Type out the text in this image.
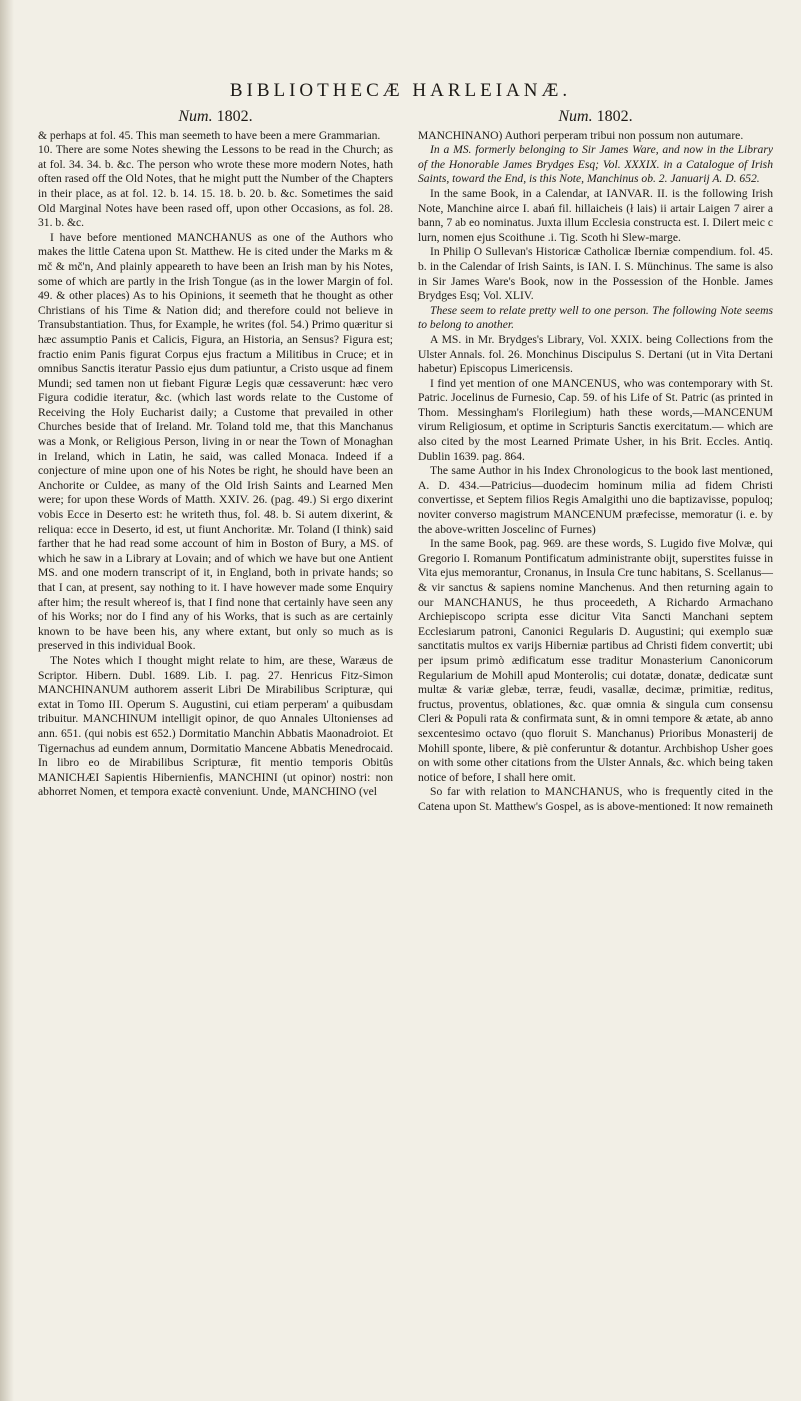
BIBLIOTHECÆ HARLEIANÆ.
Num. 1802.

& perhaps at fol. 45. This man seemeth to have been a mere Grammarian.

10. There are some Notes shewing the Lessons to be read in the Church; as at fol. 34. 34. b. &c. The person who wrote these more modern Notes, hath often rased off the Old Notes, that he might putt the Number of the Chapters in their place, as at fol. 12. b. 14. 15. 18. b. 20. b. &c. Sometimes the said Old Marginal Notes have been rased off, upon other Occasions, as fol. 28. 31. b. &c.

I have before mentioned MANCHANUS as one of the Authors who makes the little Catena upon St. Matthew. He is cited under the Marks m & mč & mč'n, And plainly appeareth to have been an Irish man by his Notes, some of which are partly in the Irish Tongue (as in the lower Margin of fol. 49. & other places) As to his Opinions, it seemeth that he thought as other Christians of his Time & Nation did; and therefore could not believe in Transubstantiation. Thus, for Example, he writes (fol. 54.) Primo quæritur si hæc assumptio Panis et Calicis, Figura, an Historia, an Sensus? Figura est; fractio enim Panis figurat Corpus ejus fractum a Militibus in Cruce; et in omnibus Sanctis iteratur Passio ejus dum patiuntur, a Cristo usque ad finem Mundi; sed tamen non ut fiebant Figuræ Legis quæ cessaverunt: hæc vero Figura codidie iteratur, &c. (which last words relate to the Custome of Receiving the Holy Eucharist daily; a Custome that prevailed in other Churches beside that of Ireland. Mr. Toland told me, that this Manchanus was a Monk, or Religious Person, living in or near the Town of Monaghan in Ireland, which in Latin, he said, was called Monaca. Indeed if a conjecture of mine upon one of his Notes be right, he should have been an Anchorite or Culdee, as many of the Old Irish Saints and Learned Men were; for upon these Words of Matth. XXIV. 26. (pag. 49.) Si ergo dixerint vobis Ecce in Deserto est: he writeth thus, fol. 48. b. Si autem dixerint, & reliqua: ecce in Deserto, id est, ut fiunt Anchoritæ. Mr. Toland (I think) said farther that he had read some account of him in Boston of Bury, a MS. of which he saw in a Library at Lovain; and of which we have but one Antient MS. and one modern transcript of it, in England, both in private hands; so that I can, at present, say nothing to it. I have however made some Enquiry after him; the result whereof is, that I find none that certainly have seen any of his Works; nor do I find any of his Works, that is such as are certainly known to be have been his, any where extant, but only so much as is preserved in this individual Book.

The Notes which I thought might relate to him, are these, Waræus de Scriptor. Hibern. Dubl. 1689. Lib. I. pag. 27. Henricus Fitz-Simon MANCHINANUM authorem asserit Libri De Mirabilibus Scripturæ, qui extat in Tomo III. Operum S. Augustini, cui etiam perperam' a quibusdam tribuitur. MANCHINUM intelligit opinor, de quo Annales Ultonienses ad ann. 651. (qui nobis est 652.) Dormitatio Manchin Abbatis Maonadroiot. Et Tigernachus ad eundem annum, Dormitatio Mancene Abbatis Menedrocaid. In libro eo de Mirabilibus Scripturæ, fit mentio temporis Obitûs MANICHÆI Sapientis Hibernienfis, MANCHINI (ut opinor) nostri: non abhorret Nomen, et tempora exactè conveniunt. Unde, MANCHINO (vel

Num. 1802.

MANCHINANO) Authori perperam tribui non possum non autumare.

In a MS. formerly belonging to Sir James Ware, and now in the Library of the Honorable James Brydges Esq; Vol. XXXIX. in a Catalogue of Irish Saints, toward the End, is this Note, Manchinus ob. 2. Januarij A. D. 652.

In the same Book, in a Calendar, at IANVAR. II. is the following Irish Note, Manchine airce I. abań fil. hillaicheis (ł lais) ii artair Laigen 7 airer a bann, 7 ab eo nominatus. Juxta illum Ecclesia constructa est. I. Dilert meic c lurn, nomen ejus Scoithune .i. Tig. Scoth hi Slew-marge.

In Philip O Sullevan's Historicæ Catholicæ Iberniæ compendium. fol. 45. b. in the Calendar of Irish Saints, is IAN. I. S. Münchinus. The same is also in Sir James Ware's Book, now in the Possession of the Honble. James Brydges Esq; Vol. XLIV.

These seem to relate pretty well to one person. The following Note seems to belong to another.

A MS. in Mr. Brydges's Library, Vol. XXIX. being Collections from the Ulster Annals. fol. 26. Monchinus Discipulus S. Dertani (ut in Vita Dertani habetur) Episcopus Limericensis.

I find yet mention of one MANCENUS, who was contemporary with St. Patric. Jocelinus de Furnesio, Cap. 59. of his Life of St. Patric (as printed in Thom. Messingham's Florilegium) hath these words,—MANCENUM virum Religiosum, et optime in Scripturis Sanctis exercitatum.— which are also cited by the most Learned Primate Usher, in his Brit. Eccles. Antiq. Dublin 1639. pag. 864.

The same Author in his Index Chronologicus to the book last mentioned, A. D. 434.—Patricius—duodecim hominum milia ad fidem Christi convertisse, et Septem filios Regis Amalgithi uno die baptizavisse, populoq; noviter converso magistrum MANCENUM præfecisse, memoratur (i. e. by the above-written Joscelinc of Furnes)

In the same Book, pag. 969. are these words, S. Lugido five Molvæ, qui Gregorio I. Romanum Pontificatum administrante obijt, superstites fuisse in Vita ejus memorantur, Cronanus, in Insula Cre tunc habitans, S. Scellanus—& vir sanctus & sapiens nomine Manchenus. And then returning again to our MANCHANUS, he thus proceedeth, A Richardo Armachano Archiepiscopo scripta esse dicitur Vita Sancti Manchani septem Ecclesiarum patroni, Canonici Regularis D. Augustini; qui exemplo suæ sanctitatis multos ex varijs Hiberniæ partibus ad Christi fidem convertit; ubi per ipsum primò ædificatum esse traditur Monasterium Canonicorum Regularium de Mohill apud Monterolis; cui dotatæ, donatæ, dedicatæ sunt multæ & variæ glebæ, terræ, feudi, vasallæ, decimæ, primitiæ, reditus, fructus, proventus, oblationes, &c. quæ omnia & singula cum consensu Cleri & Populi rata & confirmata sunt, & in omni tempore & ætate, ab anno sexcentesimo octavo (quo floruit S. Manchanus) Prioribus Monasterij de Mohill sponte, libere, & piè conferuntur & dotantur. Archbishop Usher goes on with some other citations from the Ulster Annals, &c. which being taken notice of before, I shall here omit.

So far with relation to MANCHANUS, who is frequently cited in the Catena upon St. Matthew's Gospel, as is above-mentioned: It now remaineth
